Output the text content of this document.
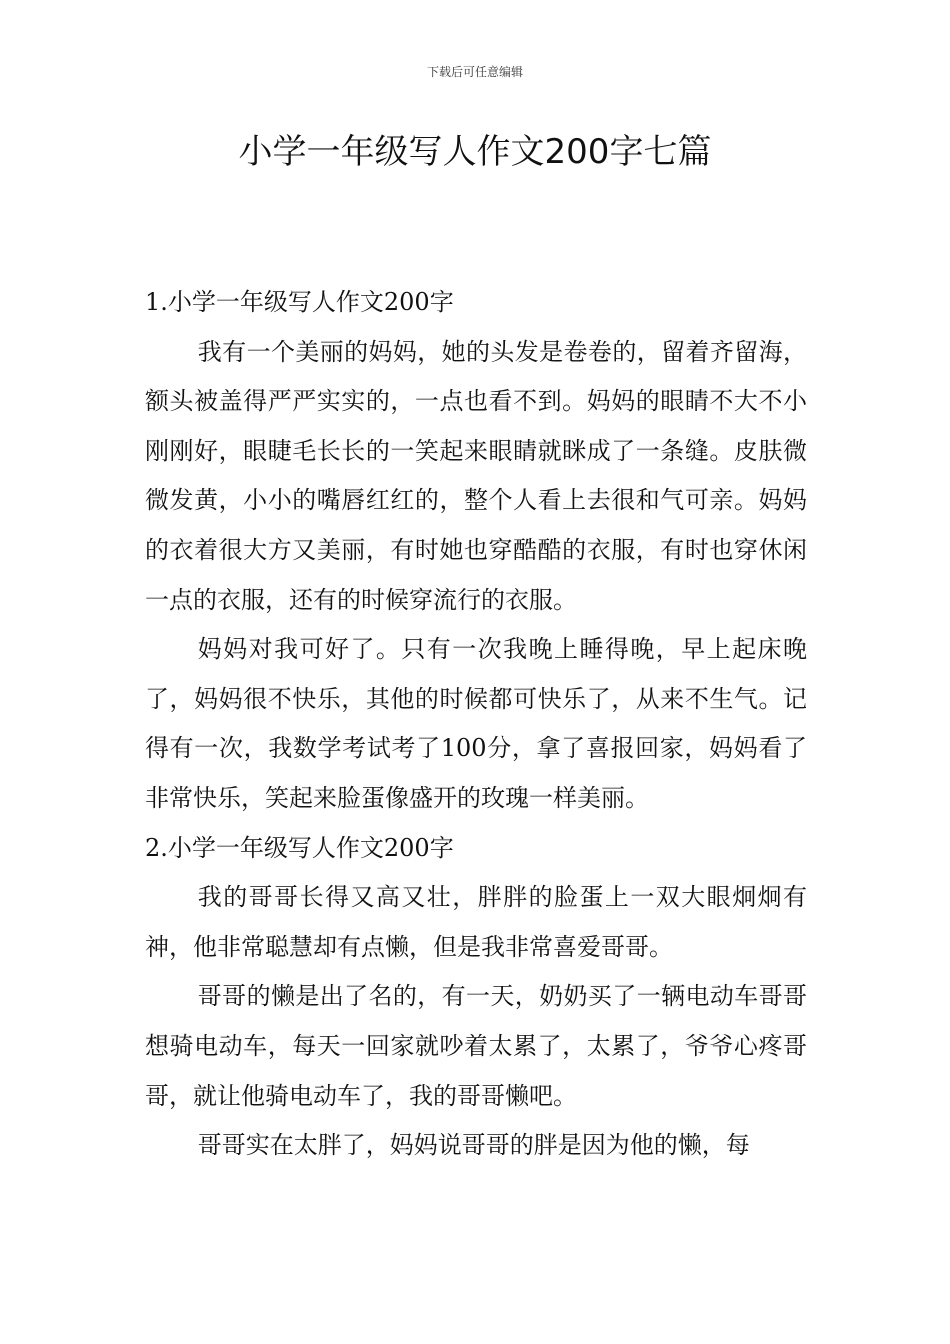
下载后可任意编辑
小学一年级写人作文200字七篇
1.小学一年级写人作文200字

我有一个美丽的妈妈，她的头发是卷卷的，留着齐留海，额头被盖得严严实实的，一点也看不到。妈妈的眼睛不大不小刚刚好，眼睫毛长长的一笑起来眼睛就眯成了一条缝。皮肤微微发黄，小小的嘴唇红红的，整个人看上去很和气可亲。妈妈的衣着很大方又美丽，有时她也穿酷酷的衣服，有时也穿休闲一点的衣服，还有的时候穿流行的衣服。

妈妈对我可好了。只有一次我晚上睡得晚，早上起床晚了，妈妈很不快乐，其他的时候都可快乐了，从来不生气。记得有一次，我数学考试考了100分，拿了喜报回家，妈妈看了非常快乐，笑起来脸蛋像盛开的玫瑰一样美丽。

2.小学一年级写人作文200字

我的哥哥长得又高又壮，胖胖的脸蛋上一双大眼炯炯有神，他非常聪慧却有点懒，但是我非常喜爱哥哥。

哥哥的懒是出了名的，有一天，奶奶买了一辆电动车哥哥想骑电动车，每天一回家就吵着太累了，太累了，爷爷心疼哥哥，就让他骑电动车了，我的哥哥懒吧。

哥哥实在太胖了，妈妈说哥哥的胖是因为他的懒，每
